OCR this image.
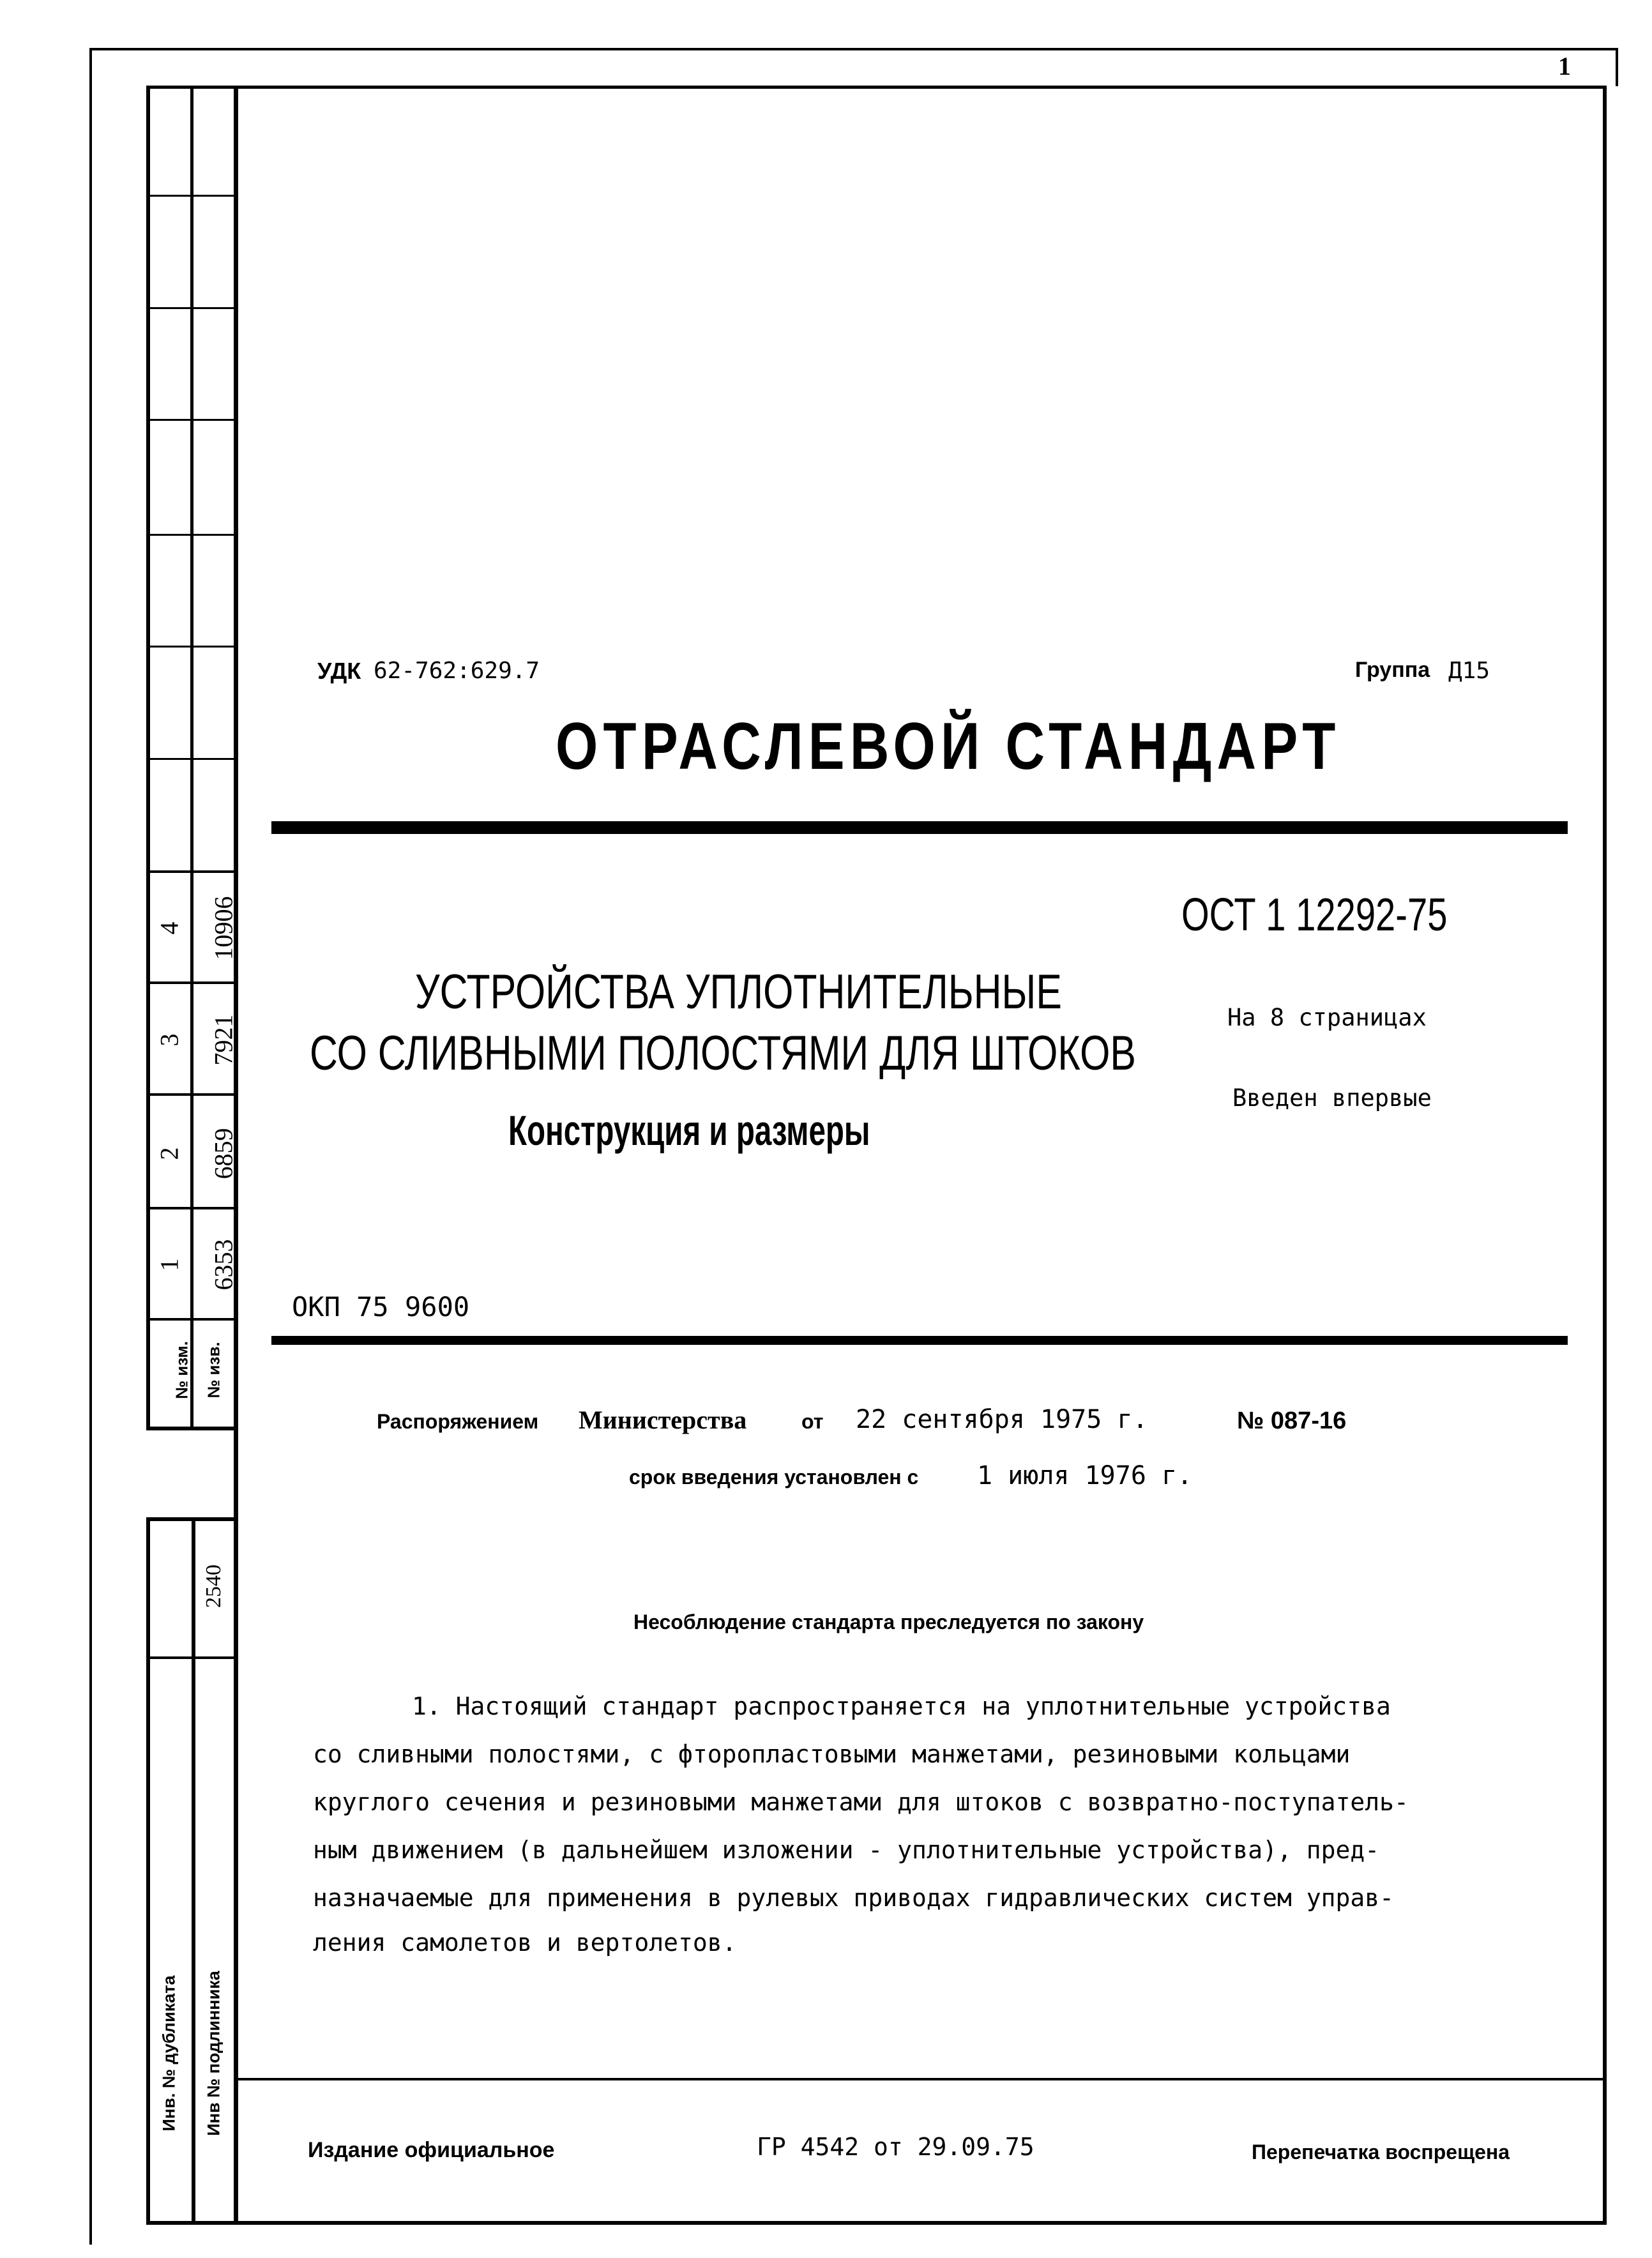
1
4 10906
3 7921
2 6859
1 6353
№ изм. № изв.
2540
Инв. № дубликата Инв № подлинника
УДК 62-762:629.7	Группа Д15
ОТРАСЛЕВОЙ СТАНДАРТ
ОСТ 1 12292-75
На 8 страницах
Введен впервые
УСТРОЙСТВА УПЛОТНИТЕЛЬНЫЕ
СО СЛИВНЫМИ ПОЛОСТЯМИ ДЛЯ ШТОКОВ
Конструкция и размеры
ОКП 75 9600
Распоряжением Министерства	от 22 сентября 1975 г.	№ 087-16
срок введения установлен с 1 июля 1976 г.
Несоблюдение стандарта преследуется по закону
1. Настоящий стандарт распространяется на уплотнительные устройства
со сливными полостями, с фторопластовыми манжетами, резиновыми кольцами
круглого сечения и резиновыми манжетами для штоков с возвратно-поступатель-
ным движением (в дальнейшем изложении - уплотнительные устройства), пред-
назначаемые для применения в рулевых приводах гидравлических систем управ-
ления самолетов и вертолетов.
Издание официальное	ГР 4542 от 29.09.75	Перепечатка воспрещена
